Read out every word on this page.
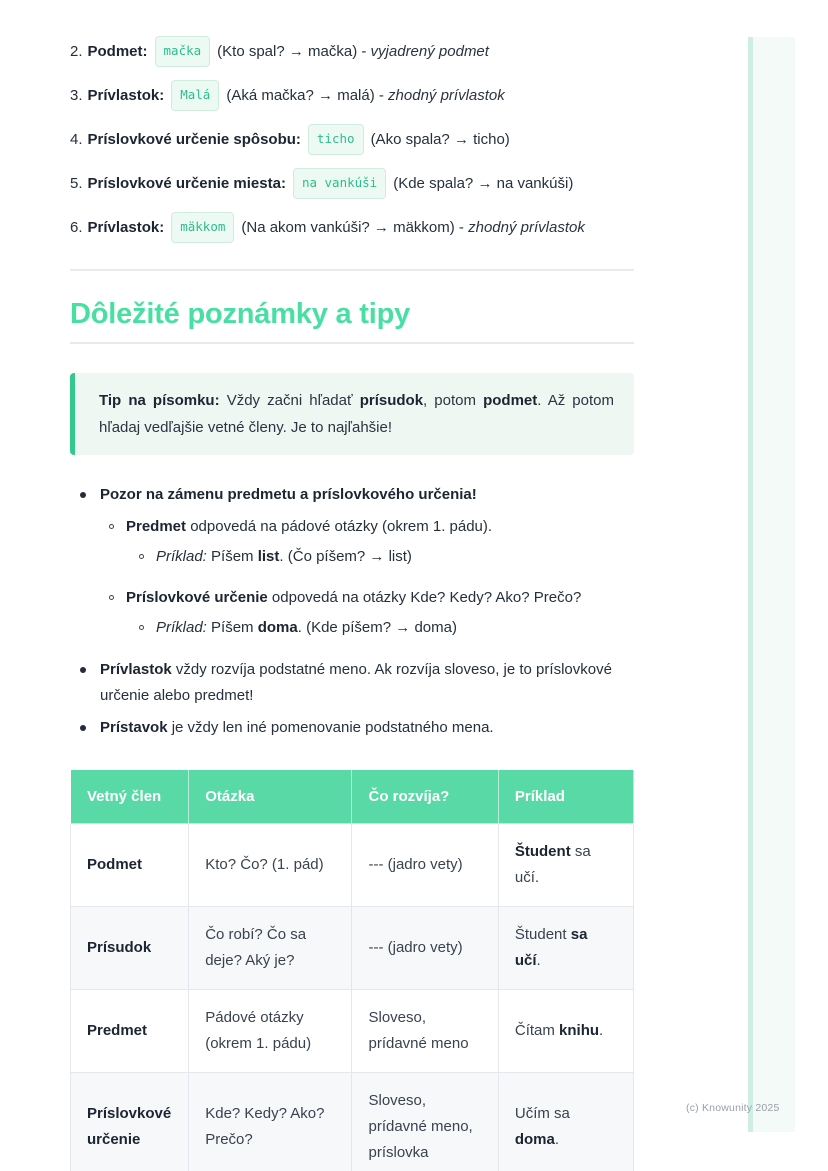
2. Podmet: mačka (Kto spal? → mačka) - vyjadrený podmet
3. Prívlastok: Malá (Aká mačka? → malá) - zhodný prívlastok
4. Príslovkové určenie spôsobu: ticho (Ako spala? → ticho)
5. Príslovkové určenie miesta: na vankúši (Kde spala? → na vankúši)
6. Prívlastok: mäkkom (Na akom vankúši? → mäkkom) - zhodný prívlastok
Dôležité poznámky a tipy

Tip na písomku: Vždy začni hľadať prísudok, potom podmet. Až potom hľadaj vedľajšie vetné členy. Je to najľahšie!

Pozor na zámenu predmetu a príslovkového určenia!
Predmet odpovedá na pádové otázky (okrem 1. pádu).
Príklad: Píšem list. (Čo píšem? → list)
Príslovkové určenie odpovedá na otázky Kde? Kedy? Ako? Prečo?
Príklad: Píšem doma. (Kde píšem? → doma)
Prívlastok vždy rozvíja podstatné meno. Ak rozvíja sloveso, je to príslovkové určenie alebo predmet!
Prístavok je vždy len iné pomenovanie podstatného mena.
Vetný člen	Otázka	Čo rozvíja?	Príklad
Podmet	Kto? Čo? (1. pád)	--- (jadro vety)	Študent sa učí.
Prísudok	Čo robí? Čo sa deje? Aký je?	--- (jadro vety)	Študent sa učí.
Predmet	Pádové otázky (okrem 1. pádu)	Sloveso, prídavné meno	Čítam knihu.
Príslovkové určenie	Kde? Kedy? Ako? Prečo?	Sloveso, prídavné meno, príslovka	Učím sa doma.

(c) Knowunity 2025
